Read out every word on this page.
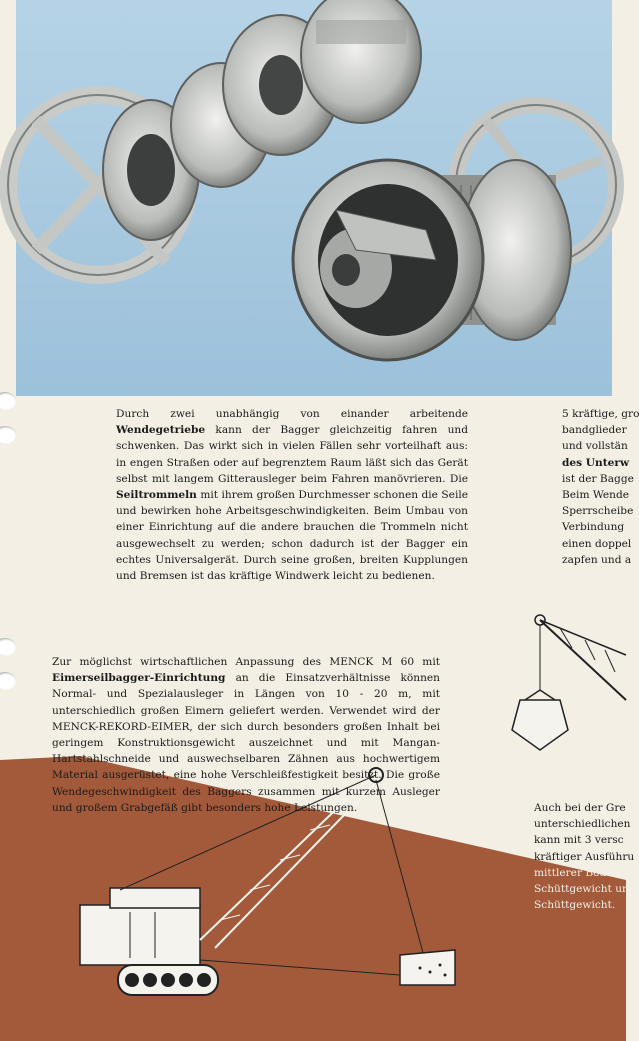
Durch zwei unabhängig von einander arbeitende Wendegetriebe kann der Bagger gleichzeitig fahren und schwenken. Das wirkt sich in vielen Fällen sehr vorteilhaft aus: in engen Straßen oder auf begrenztem Raum läßt sich das Gerät selbst mit langem Gitterausleger beim Fahren manövrieren. Die Seiltrommeln mit ihrem großen Durchmesser schonen die Seile und bewirken hohe Arbeitsgeschwindigkeiten. Beim Umbau von einer Einrichtung auf die andere brauchen die Trommeln nicht ausgewechselt zu werden; schon dadurch ist der Bagger ein echtes Universalgerät. Durch seine großen, breiten Kupplungen und Bremsen ist das kräftige Windwerk leicht zu bedienen.

5 kräftige, gro
bandglieder
und vollstän
des Unterw
ist der Bagge
Beim Wende
Sperrscheibe
Verbindung
einen doppel
zapfen und a

Zur möglichst wirtschaftlichen Anpassung des MENCK M 60 mit Eimerseilbagger-Einrichtung an die Einsatzverhältnisse können Normal- und Spezialausleger in Längen von 10 - 20 m, mit unterschiedlich großen Eimern geliefert werden. Verwendet wird der MENCK-REKORD-EIMER, der sich durch besonders großen Inhalt bei geringem Konstruktionsgewicht auszeichnet und mit Mangan-Hartstahlschneide und auswechselbaren Zähnen aus hochwertigem Material ausgerüstet, eine hohe Verschleißfestigkeit besitzt. Die große Wendegeschwindigkeit des Baggers zusammen mit kurzem Ausleger und großem Grabgefäß gibt besonders hohe Leistungen.	Auch bei der Gre
unterschiedlichen
kann mit 3 versc
kräftiger Ausführu
mittlerer Böden, a
Schüttgewicht und
Schüttgewicht.
